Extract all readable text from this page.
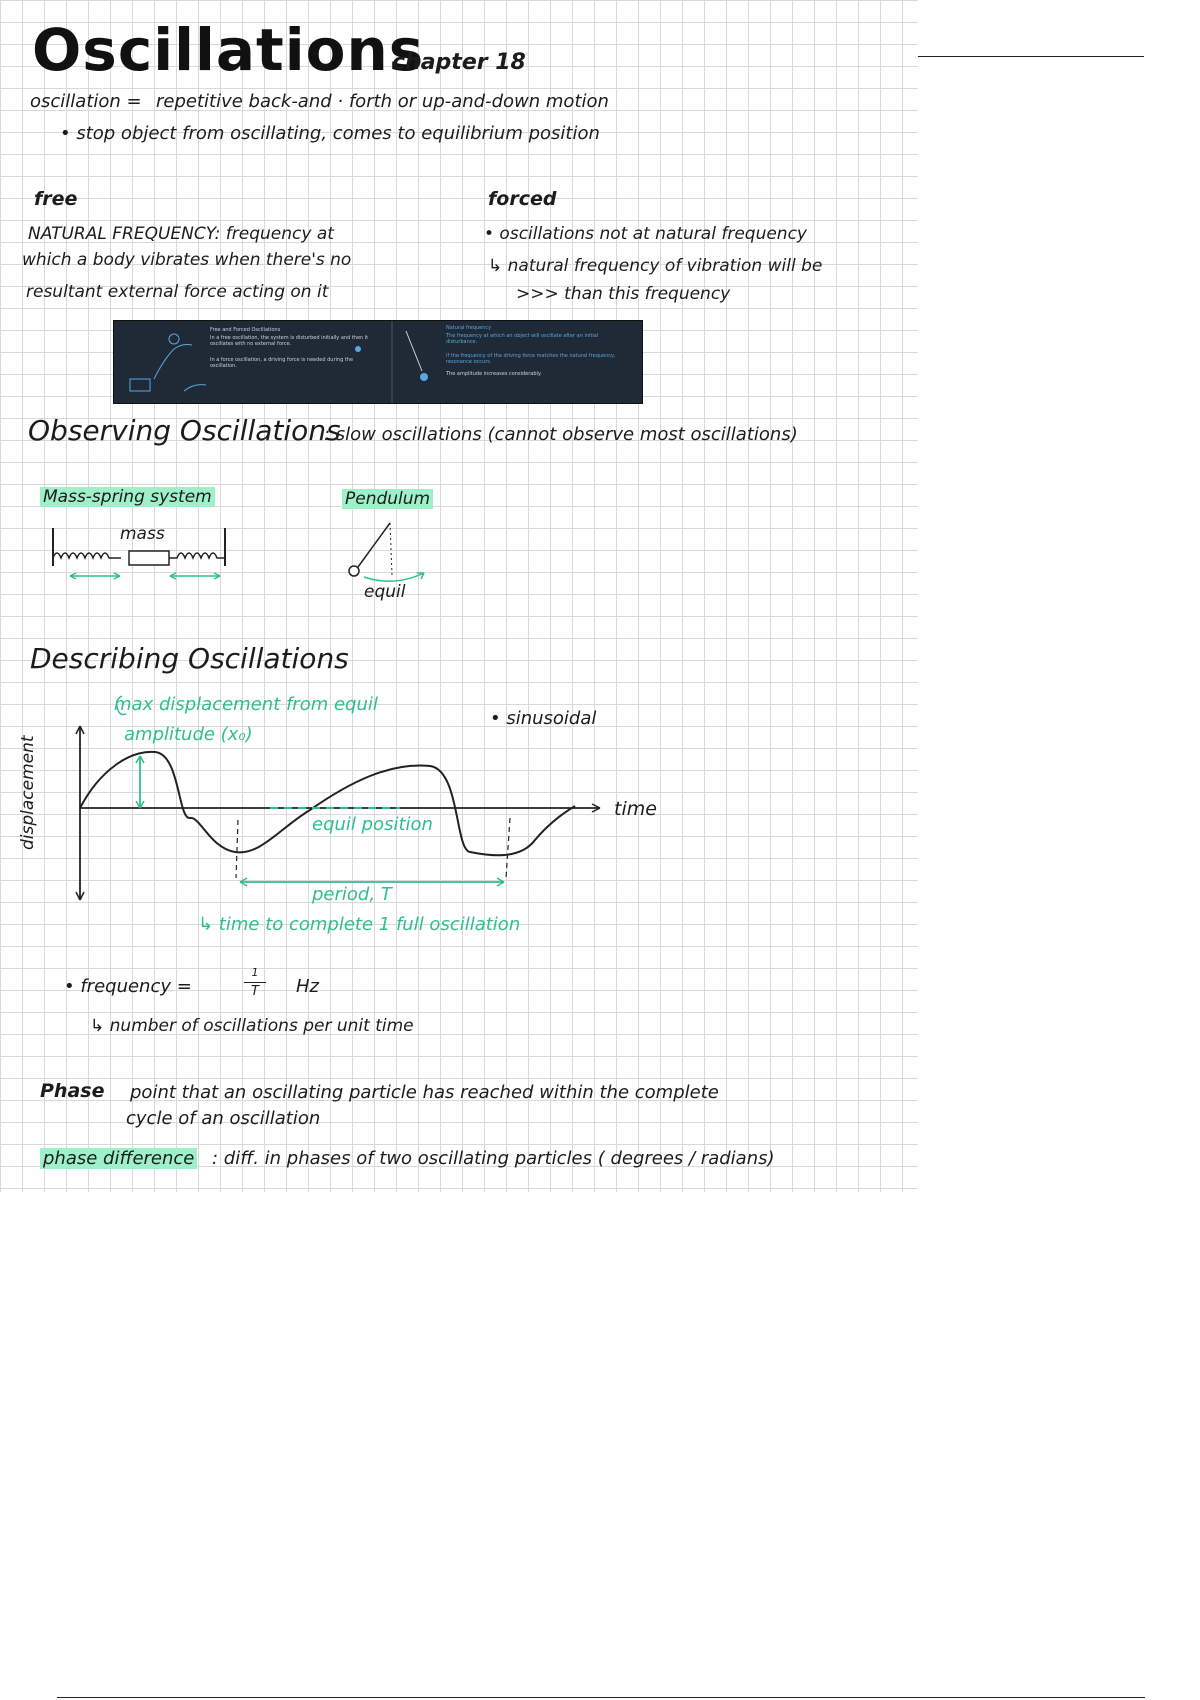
Oscillations
chapter 18
oscillation = repetitive back-and · forth or up-and-down motion
• stop object from oscillating, comes to equilibrium position
free
NATURAL FREQUENCY: frequency at
which a body vibrates when there's no
resultant external force acting on it
forced
• oscillations not at natural frequency
↳ natural frequency of vibration will be
>>> than this frequency
Free and Forced Oscillations
In a free oscillation, the system is disturbed initially and then it oscillates with no external force.
In a force oscillation, a driving force is needed during the oscillation.
Natural frequency
The frequency at which an object will oscillate after an initial disturbance.
If the frequency of the driving force matches the natural frequency, resonance occurs.
The amplitude increases considerably.
Observing Oscillations
: slow oscillations (cannot observe most oscillations)
Mass-spring system	Pendulum
mass
equil
Describing Oscillations
max displacement from equil
amplitude (x₀)
• sinusoidal
displacement	time
equil position
period, T
↳ time to complete 1 full oscillation
• frequency =
1
T	Hz
↳ number of oscillations per unit time
Phase point that an oscillating particle has reached within the complete
cycle of an oscillation
phase difference : diff. in phases of two oscillating particles ( degrees / radians)
